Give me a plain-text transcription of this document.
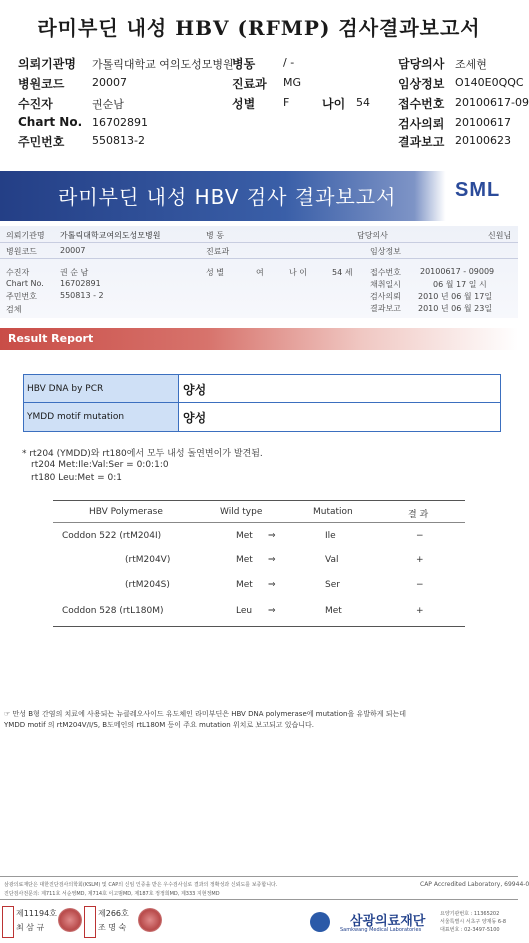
라미부딘 내성 HBV (RFMP) 검사결과보고서
의뢰기관명 가톨릭대학교 여의도성모병원
병동	/ -	담당의사 조세현
병원코드	20007	진료과 MG	임상정보 O140E0QQC
수진자	권순남	성별	F	나이 54 접수번호 20100617-09
Chart No. 16702891	검사의뢰 20100617
주민번호	550813-2	결과보고 20100623
라미부딘 내성 HBV 검사 결과보고서	SML
의뢰기관명 가톨릭대학교여의도성모병원	병 동	담당의사	신원님
병원코드	20007	진료과	임상정보
수진자	권 순 남	성 별	여	나 이	54 세 접수번호 20100617 - 09009
Chart No. 16702891	채취일시	06 월 17 일 시
주민번호	550813 - 2	검사의뢰 2010 년 06 월 17일
검체	결과보고 2010 년 06 월 23일
Result Report
HBV DNA by PCR	양성
YMDD motif mutation	양성
* rt204 (YMDD)와 rt180에서 모두 내성 돌연변이가 발견됨.
rt204 Met:Ile:Val:Ser = 0:0:1:0
rt180 Leu:Met = 0:1
HBV Polymerase	Wild type	Mutation	결 과
Coddon 522 (rtM204I)	Met ⇒	Ile	−
(rtM204V)	Met ⇒	Val	+
(rtM204S)	Met ⇒	Ser	−
Coddon 528 (rtL180M)	Leu ⇒	Met	+
☞ 만성 B형 간염의 치료에 사용되는 뉴클레오사이드 유도체인 라미부딘은 HBV DNA polymerase에 mutation을 유발하게 되는데
YMDD motif 의 rtM204V/I/S, B도메인의 rtL180M 등이 주요 mutation 위치로 보고되고 있습니다.
삼광의료재단은 대한진단검사의학회(KSLM) 및 CAP의 신임 인증을 받은 우수검사실로 결과의 정확성과 신뢰도를 보증합니다.
진단검사전문의: 제711호 서순영MD, 제714호 이고범MD, 제187호 정정희MD, 제333 지현정MD
CAP Accredited Laboratory, 69944-0
제11194호
최 삼 규
제266호
조 명 숙	삼광의료재단
Samkwang Medical Laboratories
요양기관번호 : 11365202
서울특별시 서초구 양재동 6-8
대표번호 : 02-3497-5100
